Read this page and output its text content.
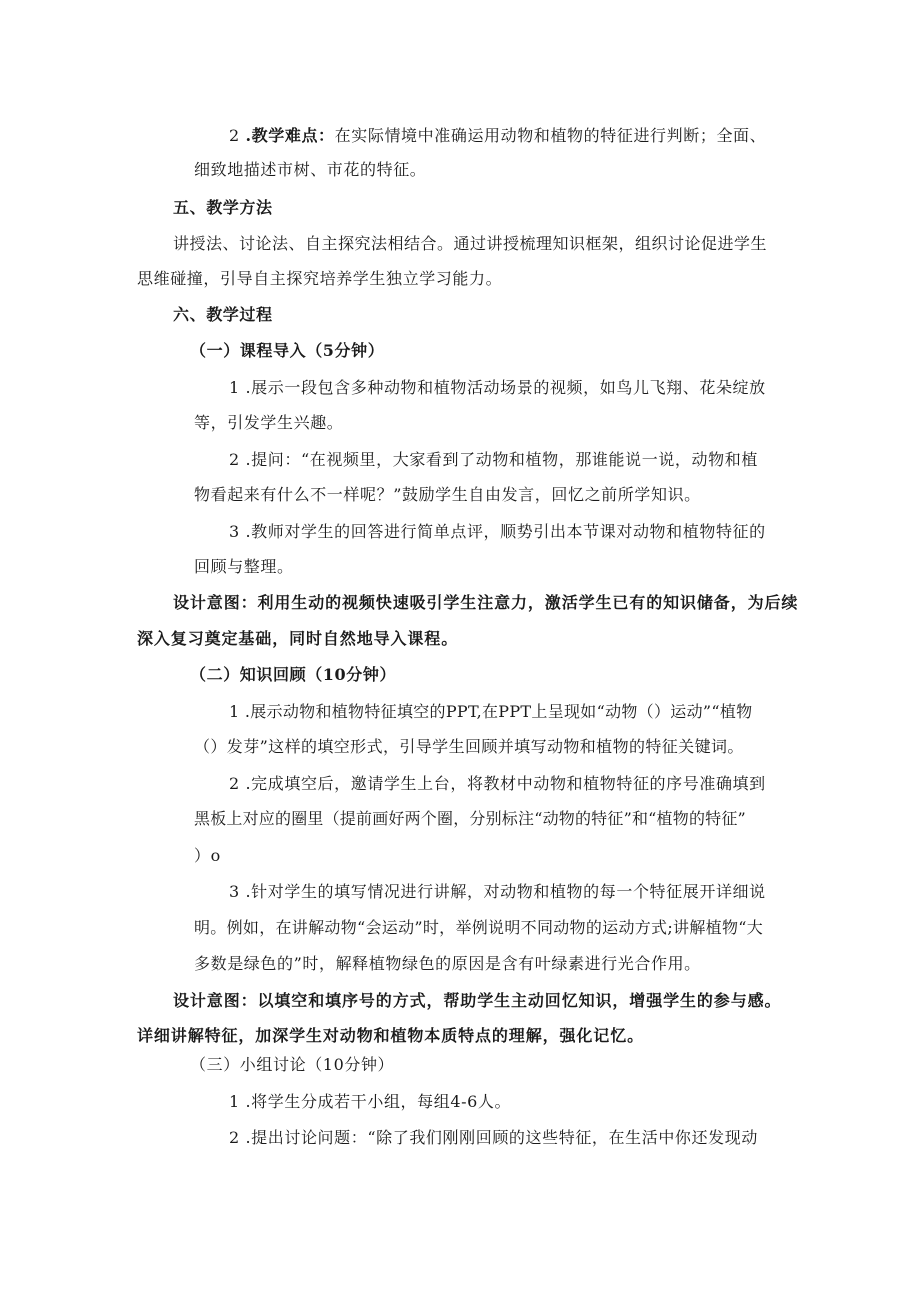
2 .教学难点：在实际情境中准确运用动物和植物的特征进行判断；全面、
细致地描述市树、市花的特征。
五、教学方法
讲授法、讨论法、自主探究法相结合。通过讲授梳理知识框架，组织讨论促进学生
思维碰撞，引导自主探究培养学生独立学习能力。
六、教学过程
（一）课程导入（5分钟）
1 .展示一段包含多种动物和植物活动场景的视频，如鸟儿飞翔、花朵绽放
等，引发学生兴趣。
2 .提问：“在视频里，大家看到了动物和植物，那谁能说一说，动物和植
物看起来有什么不一样呢？”鼓励学生自由发言，回忆之前所学知识。
3 .教师对学生的回答进行简单点评，顺势引出本节课对动物和植物特征的
回顾与整理。
设计意图：利用生动的视频快速吸引学生注意力，激活学生已有的知识储备，为后续
深入复习奠定基础，同时自然地导入课程。
（二）知识回顾（10分钟）
1 .展示动物和植物特征填空的PPT,在PPT上呈现如“动物（）运动”“植物
（）发芽”这样的填空形式，引导学生回顾并填写动物和植物的特征关键词。
2 .完成填空后，邀请学生上台，将教材中动物和植物特征的序号准确填到
黑板上对应的圈里（提前画好两个圈，分别标注“动物的特征”和“植物的特征”
）o
3 .针对学生的填写情况进行讲解，对动物和植物的每一个特征展开详细说
明。例如，在讲解动物“会运动”时，举例说明不同动物的运动方式;讲解植物“大
多数是绿色的”时，解释植物绿色的原因是含有叶绿素进行光合作用。
设计意图：以填空和填序号的方式，帮助学生主动回忆知识，增强学生的参与感。
详细讲解特征，加深学生对动物和植物本质特点的理解，强化记忆。
（三）小组讨论（10分钟）
1 .将学生分成若干小组，每组4-6人。
2 .提出讨论问题：“除了我们刚刚回顾的这些特征，在生活中你还发现动
